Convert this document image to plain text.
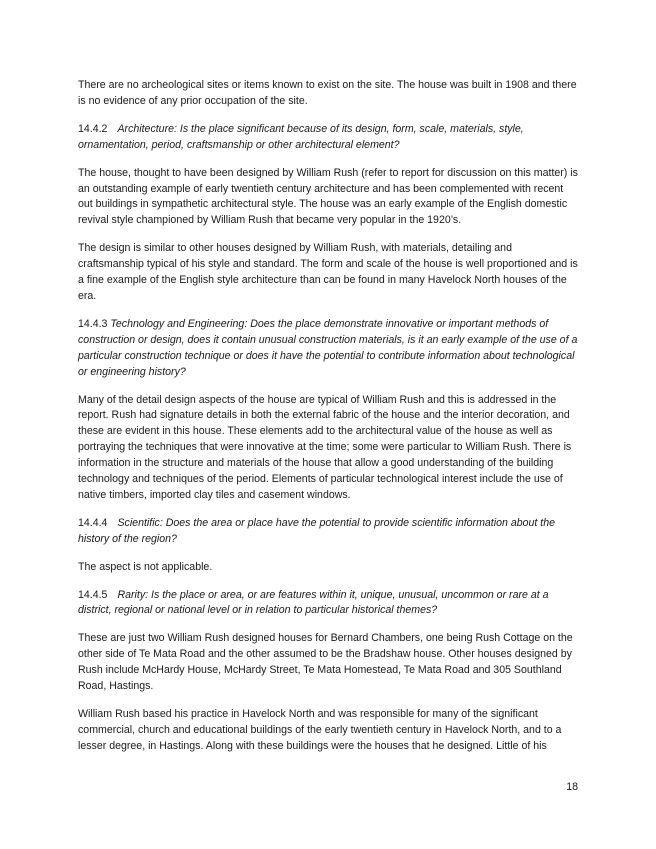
There are no archeological sites or items known to exist on the site. The house was built in 1908 and there is no evidence of any prior occupation of the site.

14.4.2 Architecture: Is the place significant because of its design, form, scale, materials, style, ornamentation, period, craftsmanship or other architectural element?

The house, thought to have been designed by William Rush (refer to report for discussion on this matter) is an outstanding example of early twentieth century architecture and has been complemented with recent out buildings in sympathetic architectural style. The house was an early example of the English domestic revival style championed by William Rush that became very popular in the 1920’s.

The design is similar to other houses designed by William Rush, with materials, detailing and craftsmanship typical of his style and standard. The form and scale of the house is well proportioned and is a fine example of the English style architecture than can be found in many Havelock North houses of the era.

14.4.3 Technology and Engineering: Does the place demonstrate innovative or important methods of construction or design, does it contain unusual construction materials, is it an early example of the use of a particular construction technique or does it have the potential to contribute information about technological or engineering history?

Many of the detail design aspects of the house are typical of William Rush and this is addressed in the report. Rush had signature details in both the external fabric of the house and the interior decoration, and these are evident in this house. These elements add to the architectural value of the house as well as portraying the techniques that were innovative at the time; some were particular to William Rush. There is information in the structure and materials of the house that allow a good understanding of the building technology and techniques of the period. Elements of particular technological interest include the use of native timbers, imported clay tiles and casement windows.

14.4.4 Scientific: Does the area or place have the potential to provide scientific information about the history of the region?

The aspect is not applicable.

14.4.5 Rarity: Is the place or area, or are features within it, unique, unusual, uncommon or rare at a district, regional or national level or in relation to particular historical themes?

These are just two William Rush designed houses for Bernard Chambers, one being Rush Cottage on the other side of Te Mata Road and the other assumed to be the Bradshaw house. Other houses designed by Rush include McHardy House, McHardy Street, Te Mata Homestead, Te Mata Road and 305 Southland Road, Hastings.

William Rush based his practice in Havelock North and was responsible for many of the significant commercial, church and educational buildings of the early twentieth century in Havelock North, and to a lesser degree, in Hastings. Along with these buildings were the houses that he designed. Little of his

18
